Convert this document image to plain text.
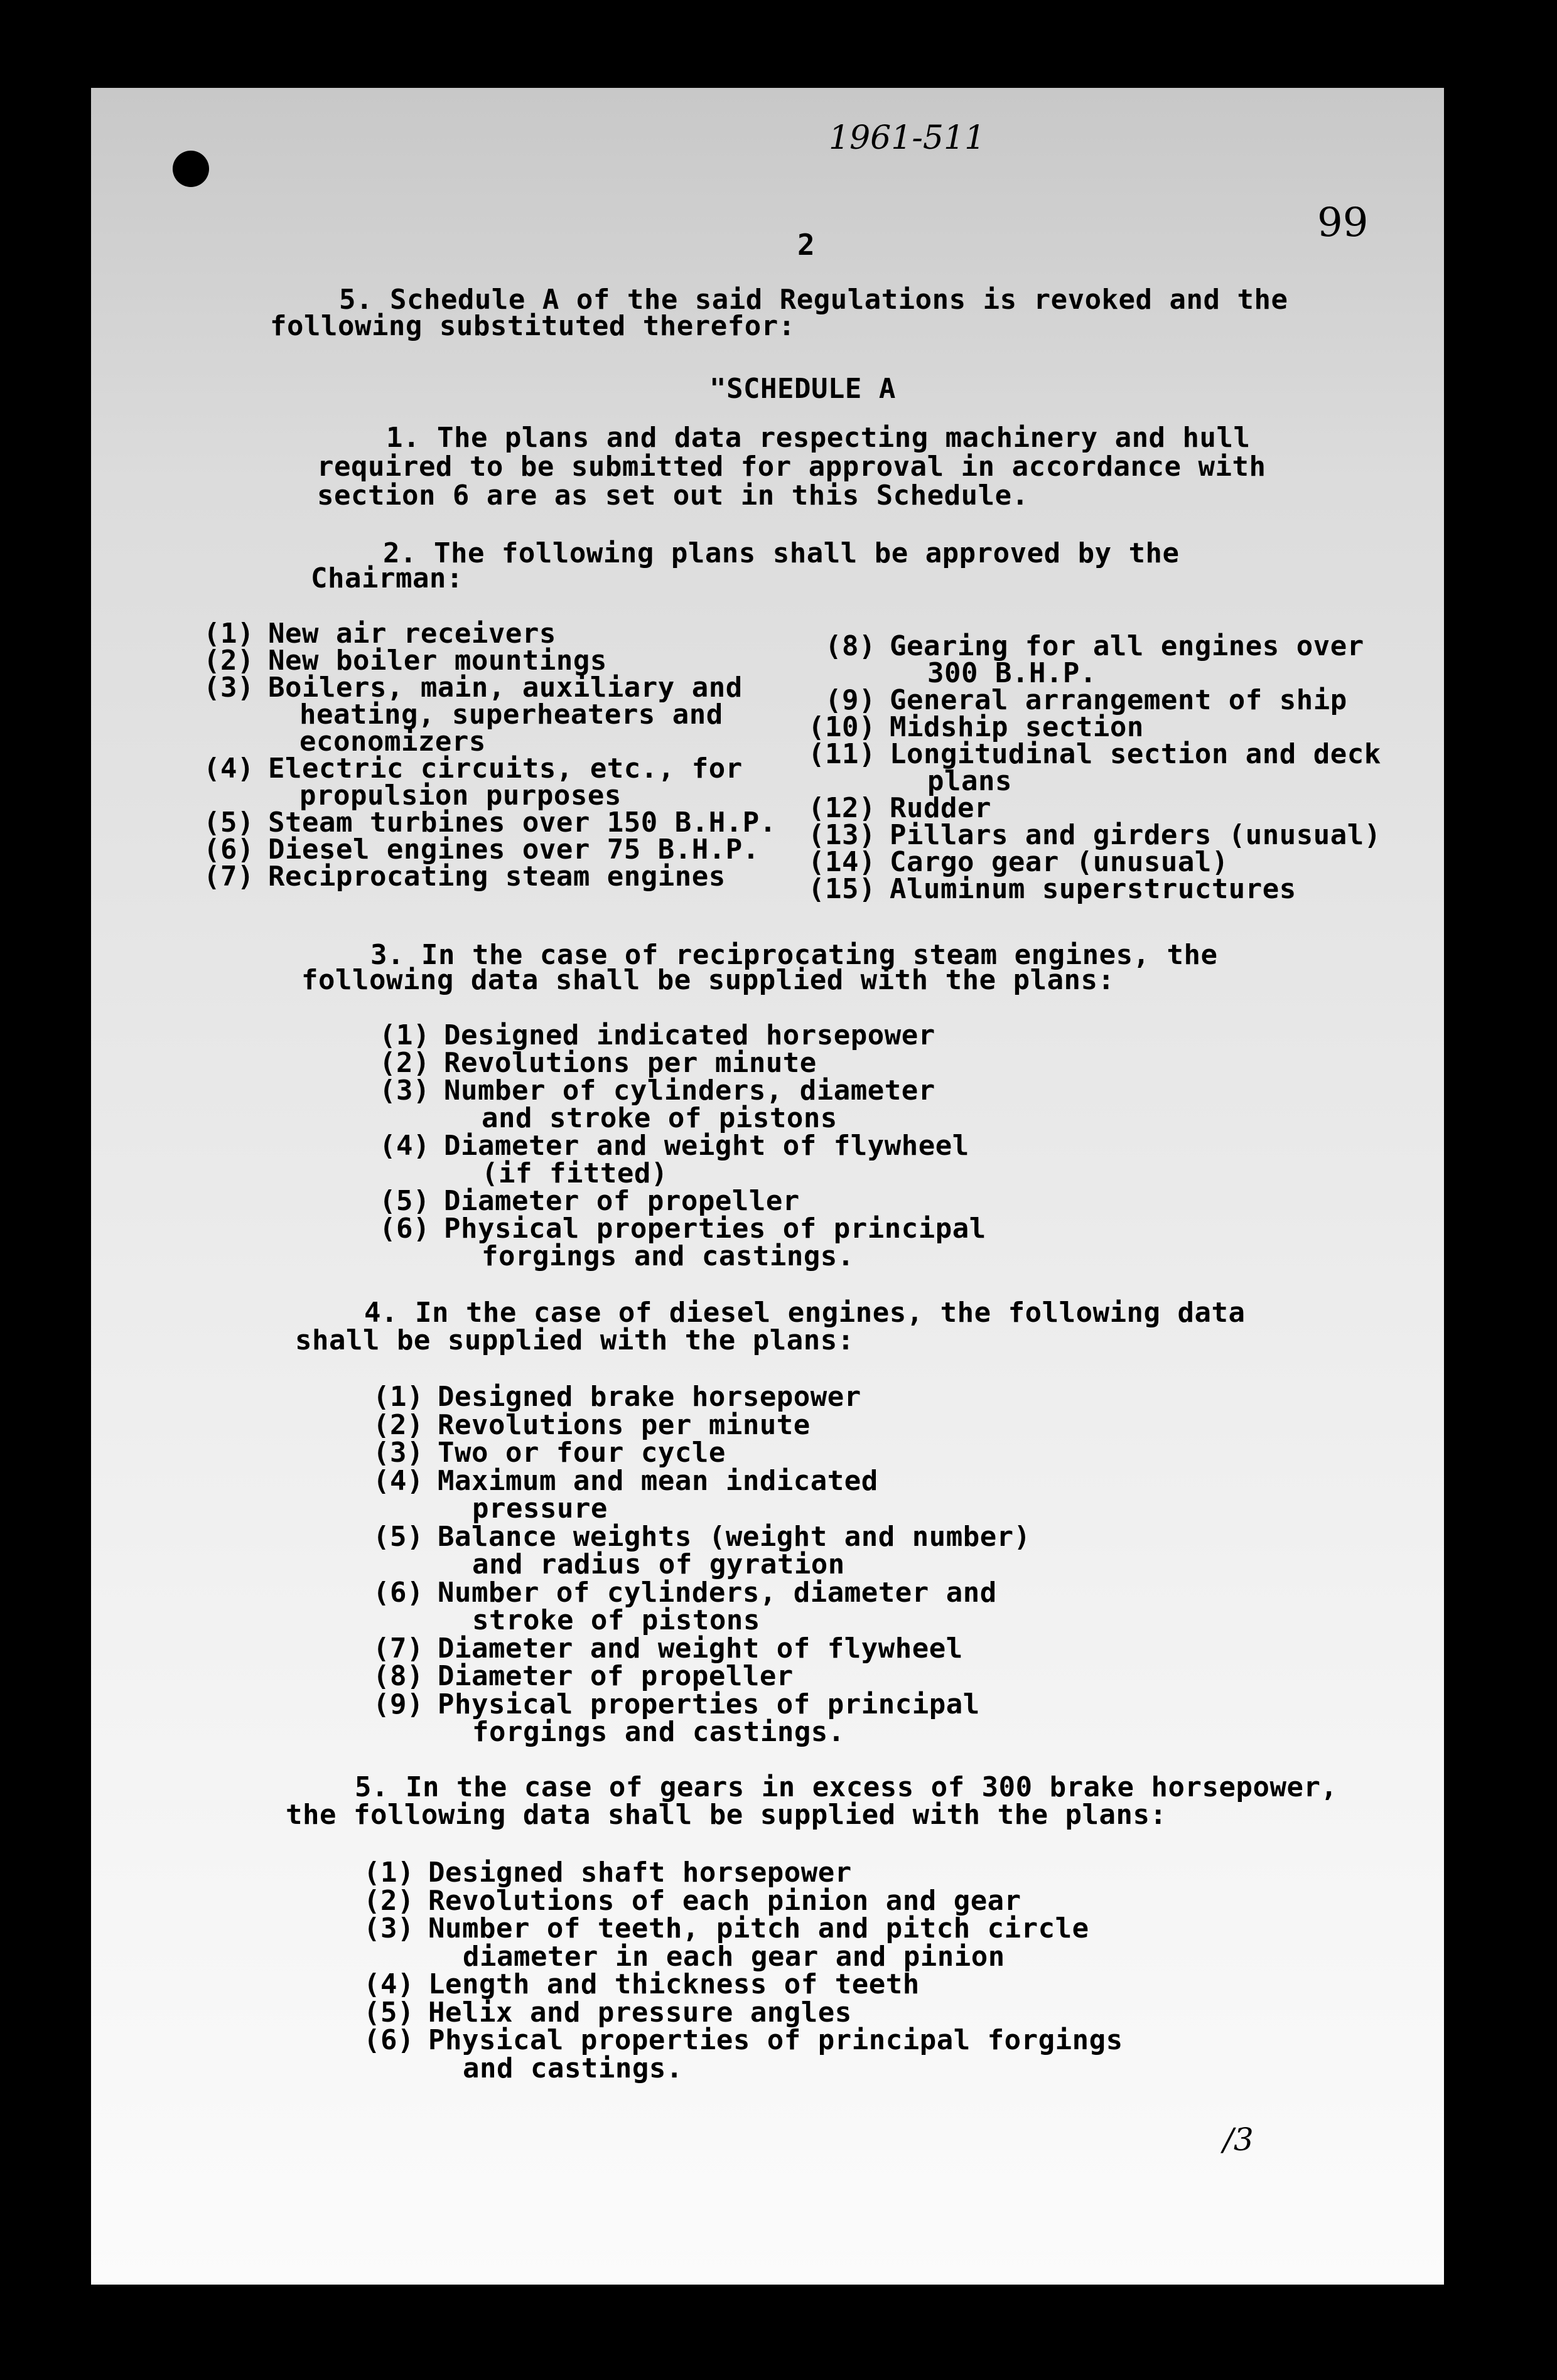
1961-511
99
2
5. Schedule A of the said Regulations is revoked and the
following substituted therefor:
"SCHEDULE A
1. The plans and data respecting machinery and hull
required to be submitted for approval in accordance with
section 6 are as set out in this Schedule.
2. The following plans shall be approved by the
Chairman:
(1) New air receivers
(2) New boiler mountings
(3) Boilers, main, auxiliary and
heating, superheaters and
economizers
(4) Electric circuits, etc., for
propulsion purposes
(5) Steam turbines over 150 B.H.P.
(6) Diesel engines over 75 B.H.P.
(7) Reciprocating steam engines
(8) Gearing for all engines over
300 B.H.P.
(9) General arrangement of ship
(10) Midship section
(11) Longitudinal section and deck
plans
(12) Rudder
(13) Pillars and girders (unusual)
(14) Cargo gear (unusual)
(15) Aluminum superstructures
3. In the case of reciprocating steam engines, the
following data shall be supplied with the plans:
(1) Designed indicated horsepower
(2) Revolutions per minute
(3) Number of cylinders, diameter
and stroke of pistons
(4) Diameter and weight of flywheel
(if fitted)
(5) Diameter of propeller
(6) Physical properties of principal
forgings and castings.
4. In the case of diesel engines, the following data
shall be supplied with the plans:
(1) Designed brake horsepower
(2) Revolutions per minute
(3) Two or four cycle
(4) Maximum and mean indicated
pressure
(5) Balance weights (weight and number)
and radius of gyration
(6) Number of cylinders, diameter and
stroke of pistons
(7) Diameter and weight of flywheel
(8) Diameter of propeller
(9) Physical properties of principal
forgings and castings.
5. In the case of gears in excess of 300 brake horsepower,
the following data shall be supplied with the plans:
(1) Designed shaft horsepower
(2) Revolutions of each pinion and gear
(3) Number of teeth, pitch and pitch circle
diameter in each gear and pinion
(4) Length and thickness of teeth
(5) Helix and pressure angles
(6) Physical properties of principal forgings
and castings.
/3
